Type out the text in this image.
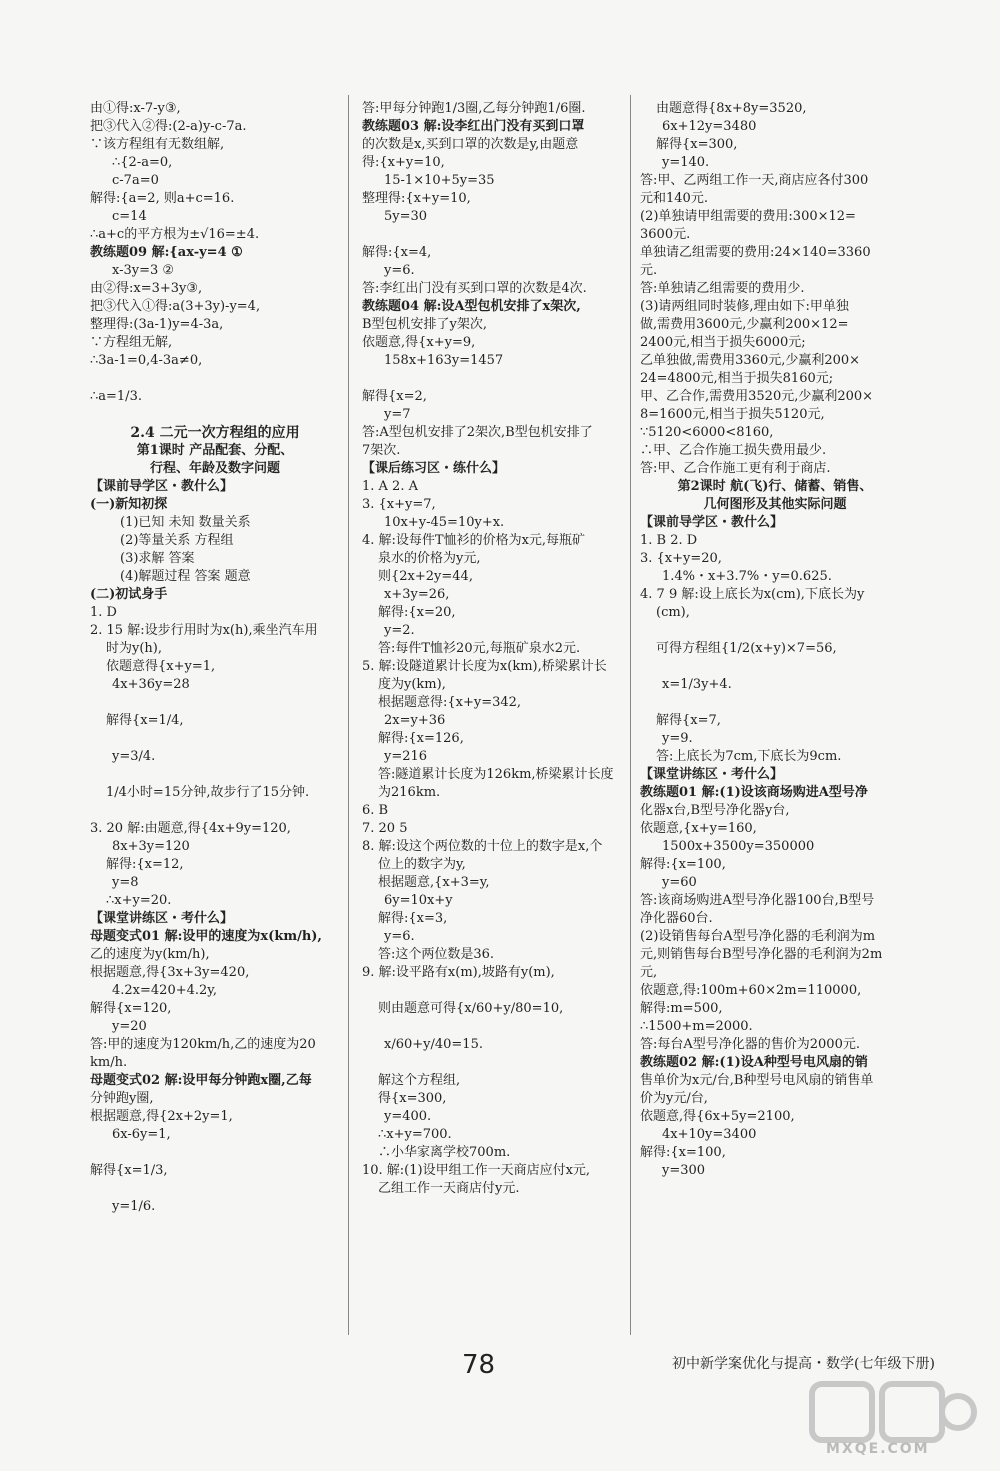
由①得:x-7-y③,
把③代入②得:(2-a)y-c-7a.
∵该方程组有无数组解,
∴{2-a=0,
c-7a=0
解得:{a=2, 则a+c=16.
c=14
∴a+c的平方根为±√16=±4.
教练题09 解:{ax-y=4 ①
x-3y=3 ②
由②得:x=3+3y③,
把③代入①得:a(3+3y)-y=4,
整理得:(3a-1)y=4-3a,
∵方程组无解,
∴3a-1=0,4-3a≠0,
∴a=1/3.
2.4 二元一次方程组的应用
第1课时 产品配套、分配、
行程、年龄及数字问题
【课前导学区・教什么】
(一)新知初探
(1)已知 未知 数量关系
(2)等量关系 方程组
(3)求解 答案
(4)解题过程 答案 题意
(二)初试身手
1. D
2. 15 解:设步行用时为x(h),乘坐汽车用
时为y(h),
依题意得{x+y=1,
4x+36y=28
解得{x=1/4,
y=3/4.
1/4小时=15分钟,故步行了15分钟.
3. 20 解:由题意,得{4x+9y=120,
8x+3y=120
解得:{x=12,
y=8
∴x+y=20.
【课堂讲练区・考什么】
母题变式01 解:设甲的速度为x(km/h),
乙的速度为y(km/h),
根据题意,得{3x+3y=420,
4.2x=420+4.2y,
解得{x=120,
y=20
答:甲的速度为120km/h,乙的速度为20
km/h.
母题变式02 解:设甲每分钟跑x圈,乙每
分钟跑y圈,
根据题意,得{2x+2y=1,
6x-6y=1,
解得{x=1/3,
y=1/6.
答:甲每分钟跑1/3圈,乙每分钟跑1/6圈.
教练题03 解:设李红出门没有买到口罩
的次数是x,买到口罩的次数是y,由题意
得:{x+y=10,
15-1×10+5y=35
整理得:{x+y=10,
5y=30
解得:{x=4,
y=6.
答:李红出门没有买到口罩的次数是4次.
教练题04 解:设A型包机安排了x架次,
B型包机安排了y架次,
依题意,得{x+y=9,
158x+163y=1457
解得{x=2,
y=7
答:A型包机安排了2架次,B型包机安排了
7架次.
【课后练习区・练什么】
1. A 2. A
3. {x+y=7,
10x+y-45=10y+x.
4. 解:设每件T恤衫的价格为x元,每瓶矿
泉水的价格为y元,
则{2x+2y=44,
x+3y=26,
解得:{x=20,
y=2.
答:每件T恤衫20元,每瓶矿泉水2元.
5. 解:设隧道累计长度为x(km),桥梁累计长
度为y(km),
根据题意得:{x+y=342,
2x=y+36
解得:{x=126,
y=216
答:隧道累计长度为126km,桥梁累计长度
为216km.
6. B
7. 20 5
8. 解:设这个两位数的十位上的数字是x,个
位上的数字为y,
根据题意,{x+3=y,
6y=10x+y
解得:{x=3,
y=6.
答:这个两位数是36.
9. 解:设平路有x(m),坡路有y(m),
则由题意可得{x/60+y/80=10,
x/60+y/40=15.
解这个方程组,
得{x=300,
y=400.
∴x+y=700.
∴小华家离学校700m.
10. 解:(1)设甲组工作一天商店应付x元,
乙组工作一天商店付y元.
由题意得{8x+8y=3520,
6x+12y=3480
解得{x=300,
y=140.
答:甲、乙两组工作一天,商店应各付300
元和140元.
(2)单独请甲组需要的费用:300×12=
3600元.
单独请乙组需要的费用:24×140=3360
元.
答:单独请乙组需要的费用少.
(3)请两组同时装修,理由如下:甲单独
做,需费用3600元,少赢利200×12=
2400元,相当于损失6000元;
乙单独做,需费用3360元,少赢利200×
24=4800元,相当于损失8160元;
甲、乙合作,需费用3520元,少赢利200×
8=1600元,相当于损失5120元,
∵5120<6000<8160,
∴甲、乙合作施工损失费用最少.
答:甲、乙合作施工更有利于商店.
第2课时 航(飞)行、储蓄、销售、
几何图形及其他实际问题
【课前导学区・教什么】
1. B 2. D
3. {x+y=20,
1.4%・x+3.7%・y=0.625.
4. 7 9 解:设上底长为x(cm),下底长为y
(cm),
可得方程组{1/2(x+y)×7=56,
x=1/3y+4.
解得{x=7,
y=9.
答:上底长为7cm,下底长为9cm.
【课堂讲练区・考什么】
教练题01 解:(1)设该商场购进A型号净
化器x台,B型号净化器y台,
依题意,{x+y=160,
1500x+3500y=350000
解得:{x=100,
y=60
答:该商场购进A型号净化器100台,B型号
净化器60台.
(2)设销售每台A型号净化器的毛利润为m
元,则销售每台B型号净化器的毛利润为2m
元,
依题意,得:100m+60×2m=110000,
解得:m=500,
∴1500+m=2000.
答:每台A型号净化器的售价为2000元.
教练题02 解:(1)设A种型号电风扇的销
售单价为x元/台,B种型号电风扇的销售单
价为y元/台,
依题意,得{6x+5y=2100,
4x+10y=3400
解得:{x=100,
y=300
78	初中新学案优化与提高・数学(七年级下册)
MXQE.COM
